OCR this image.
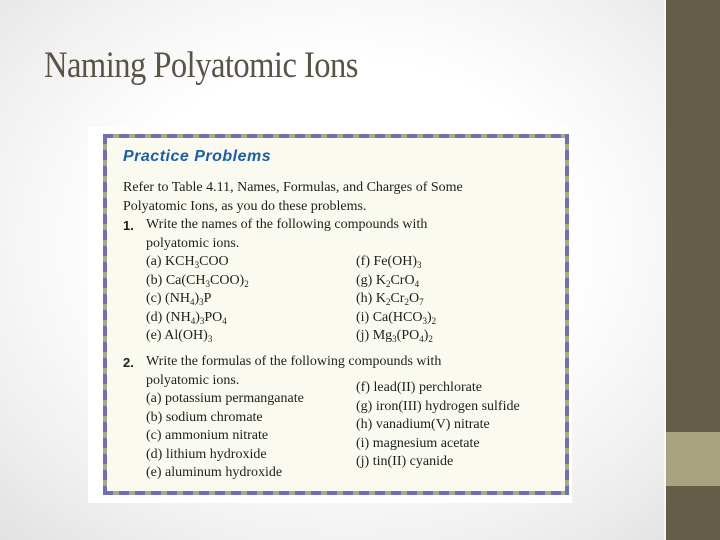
Naming Polyatomic Ions
Practice Problems
Refer to Table 4.11, Names, Formulas, and Charges of Some
Polyatomic Ions, as you do these problems.
1. Write the names of the following compounds with
polyatomic ions.
(a) $KCH_3COO$
(b) $Ca(CH_3COO)_2$
(c) $(NH_4)_3P$
(d) $(NH_4)_3PO_4$
(e) $Al(OH)_3$
(f) $Fe(OH)_3$
(g) $K_2CrO_4$
(h) $K_2Cr_2O_7$
(i) $Ca(HCO_3)_2$
(j) $Mg_3(PO_4)_2$
2. Write the formulas of the following compounds with
polyatomic ions.
(a) potassium permanganate
(b) sodium chromate
(c) ammonium nitrate
(d) lithium hydroxide
(e) aluminum hydroxide
(f) lead(II) perchlorate
(g) iron(III) hydrogen sulfide
(h) vanadium(V) nitrate
(i) magnesium acetate
(j) tin(II) cyanide
